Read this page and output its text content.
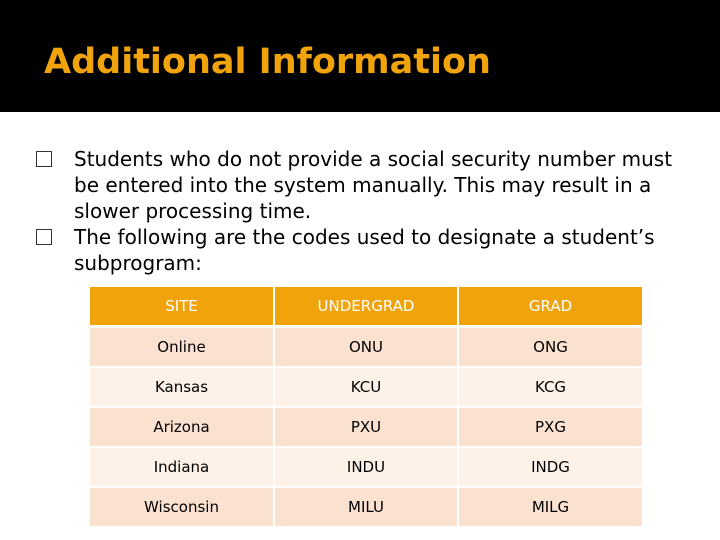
Additional Information
Students who do not provide a social security number must be entered into the system manually. This may result in a slower processing time.
The following are the codes used to designate a student’s subprogram:
SITE	UNDERGRAD	GRAD
Online	ONU	ONG
Kansas	KCU	KCG
Arizona	PXU	PXG
Indiana	INDU	INDG
Wisconsin	MILU	MILG
